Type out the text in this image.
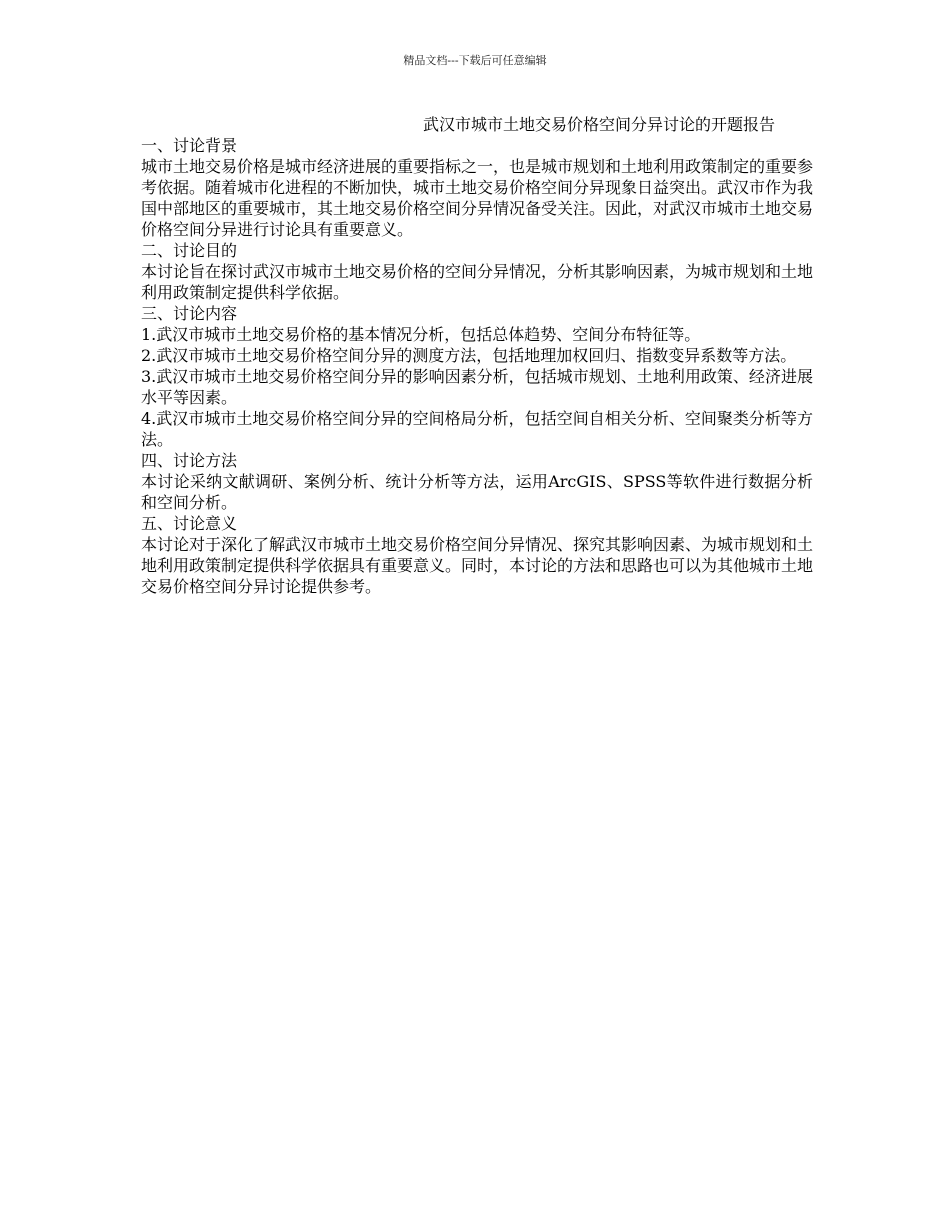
精品文档---下载后可任意编辑
武汉市城市土地交易价格空间分异讨论的开题报告
一、讨论背景

城市土地交易价格是城市经济进展的重要指标之一，也是城市规划和土地利用政策制定的重要参考依据。随着城市化进程的不断加快，城市土地交易价格空间分异现象日益突出。武汉市作为我国中部地区的重要城市，其土地交易价格空间分异情况备受关注。因此，对武汉市城市土地交易价格空间分异进行讨论具有重要意义。

二、讨论目的

本讨论旨在探讨武汉市城市土地交易价格的空间分异情况，分析其影响因素，为城市规划和土地利用政策制定提供科学依据。

三、讨论内容

1.武汉市城市土地交易价格的基本情况分析，包括总体趋势、空间分布特征等。

2.武汉市城市土地交易价格空间分异的测度方法，包括地理加权回归、指数变异系数等方法。

3.武汉市城市土地交易价格空间分异的影响因素分析，包括城市规划、土地利用政策、经济进展水平等因素。

4.武汉市城市土地交易价格空间分异的空间格局分析，包括空间自相关分析、空间聚类分析等方法。

四、讨论方法

本讨论采纳文献调研、案例分析、统计分析等方法，运用ArcGIS、SPSS等软件进行数据分析和空间分析。

五、讨论意义

本讨论对于深化了解武汉市城市土地交易价格空间分异情况、探究其影响因素、为城市规划和土地利用政策制定提供科学依据具有重要意义。同时，本讨论的方法和思路也可以为其他城市土地交易价格空间分异讨论提供参考。
